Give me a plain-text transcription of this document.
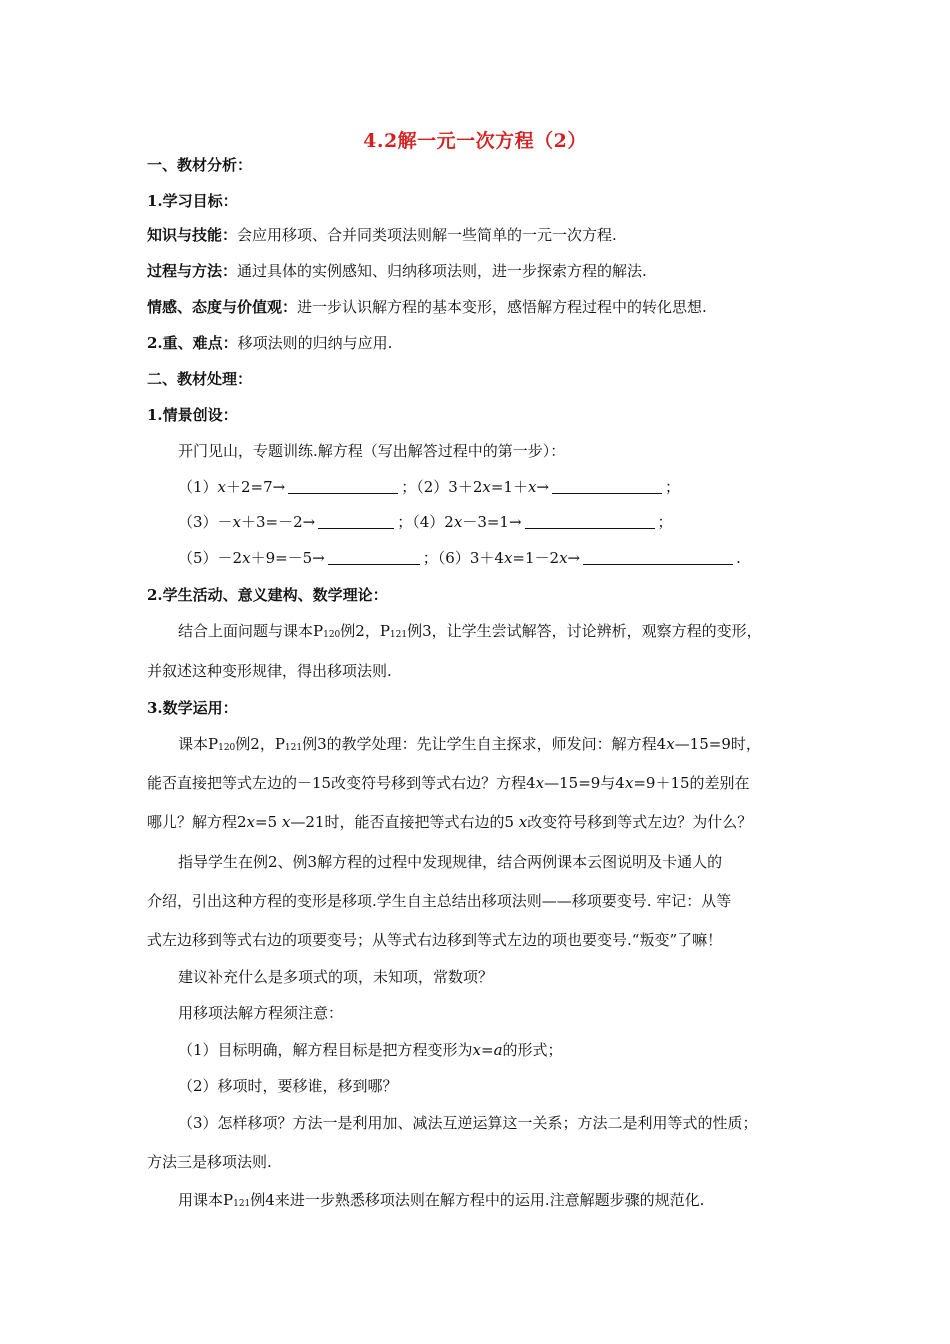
4.2解一元一次方程（2）
一、教材分析：
1.学习目标：
知识与技能：会应用移项、合并同类项法则解一些简单的一元一次方程.
过程与方法：通过具体的实例感知、归纳移项法则，进一步探索方程的解法.
情感、态度与价值观：进一步认识解方程的基本变形，感悟解方程过程中的转化思想.
2.重、难点：移项法则的归纳与应用.
二、教材处理：
1.情景创设：
开门见山，专题训练.解方程（写出解答过程中的第一步）：
（1）x＋2=7→	；（2）3＋2x=1＋x→	；
（3）－x＋3=－2→	；（4）2x－3=1→	；
（5）－2x＋9=－5→	；（6）3＋4x=1－2x→	.
2.学生活动、意义建构、数学理论：
结合上面问题与课本$P_{120}$例2，$P_{121}$例3，让学生尝试解答，讨论辨析，观察方程的变形，
并叙述这种变形规律，得出移项法则.
3.数学运用：
课本$P_{120}$例2，$P_{121}$例3的教学处理：先让学生自主探求，师发问：解方程4x—15=9时，
能否直接把等式左边的－15改变符号移到等式右边？方程4x—15=9与4x=9＋15的差别在
哪儿？解方程2x=5 x—21时，能否直接把等式右边的5 x改变符号移到等式左边？为什么？
指导学生在例2、例3解方程的过程中发现规律，结合两例课本云图说明及卡通人的
介绍，引出这种方程的变形是移项.学生自主总结出移项法则——移项要变号. 牢记：从等
式左边移到等式右边的项要变号；从等式右边移到等式左边的项也要变号.“叛变”了嘛！
建议补充什么是多项式的项，未知项，常数项？
用移项法解方程须注意：
（1）目标明确，解方程目标是把方程变形为x=a的形式；
（2）移项时，要移谁，移到哪？
（3）怎样移项？方法一是利用加、减法互逆运算这一关系；方法二是利用等式的性质；
方法三是移项法则.
用课本$P_{121}$例4来进一步熟悉移项法则在解方程中的运用.注意解题步骤的规范化.
